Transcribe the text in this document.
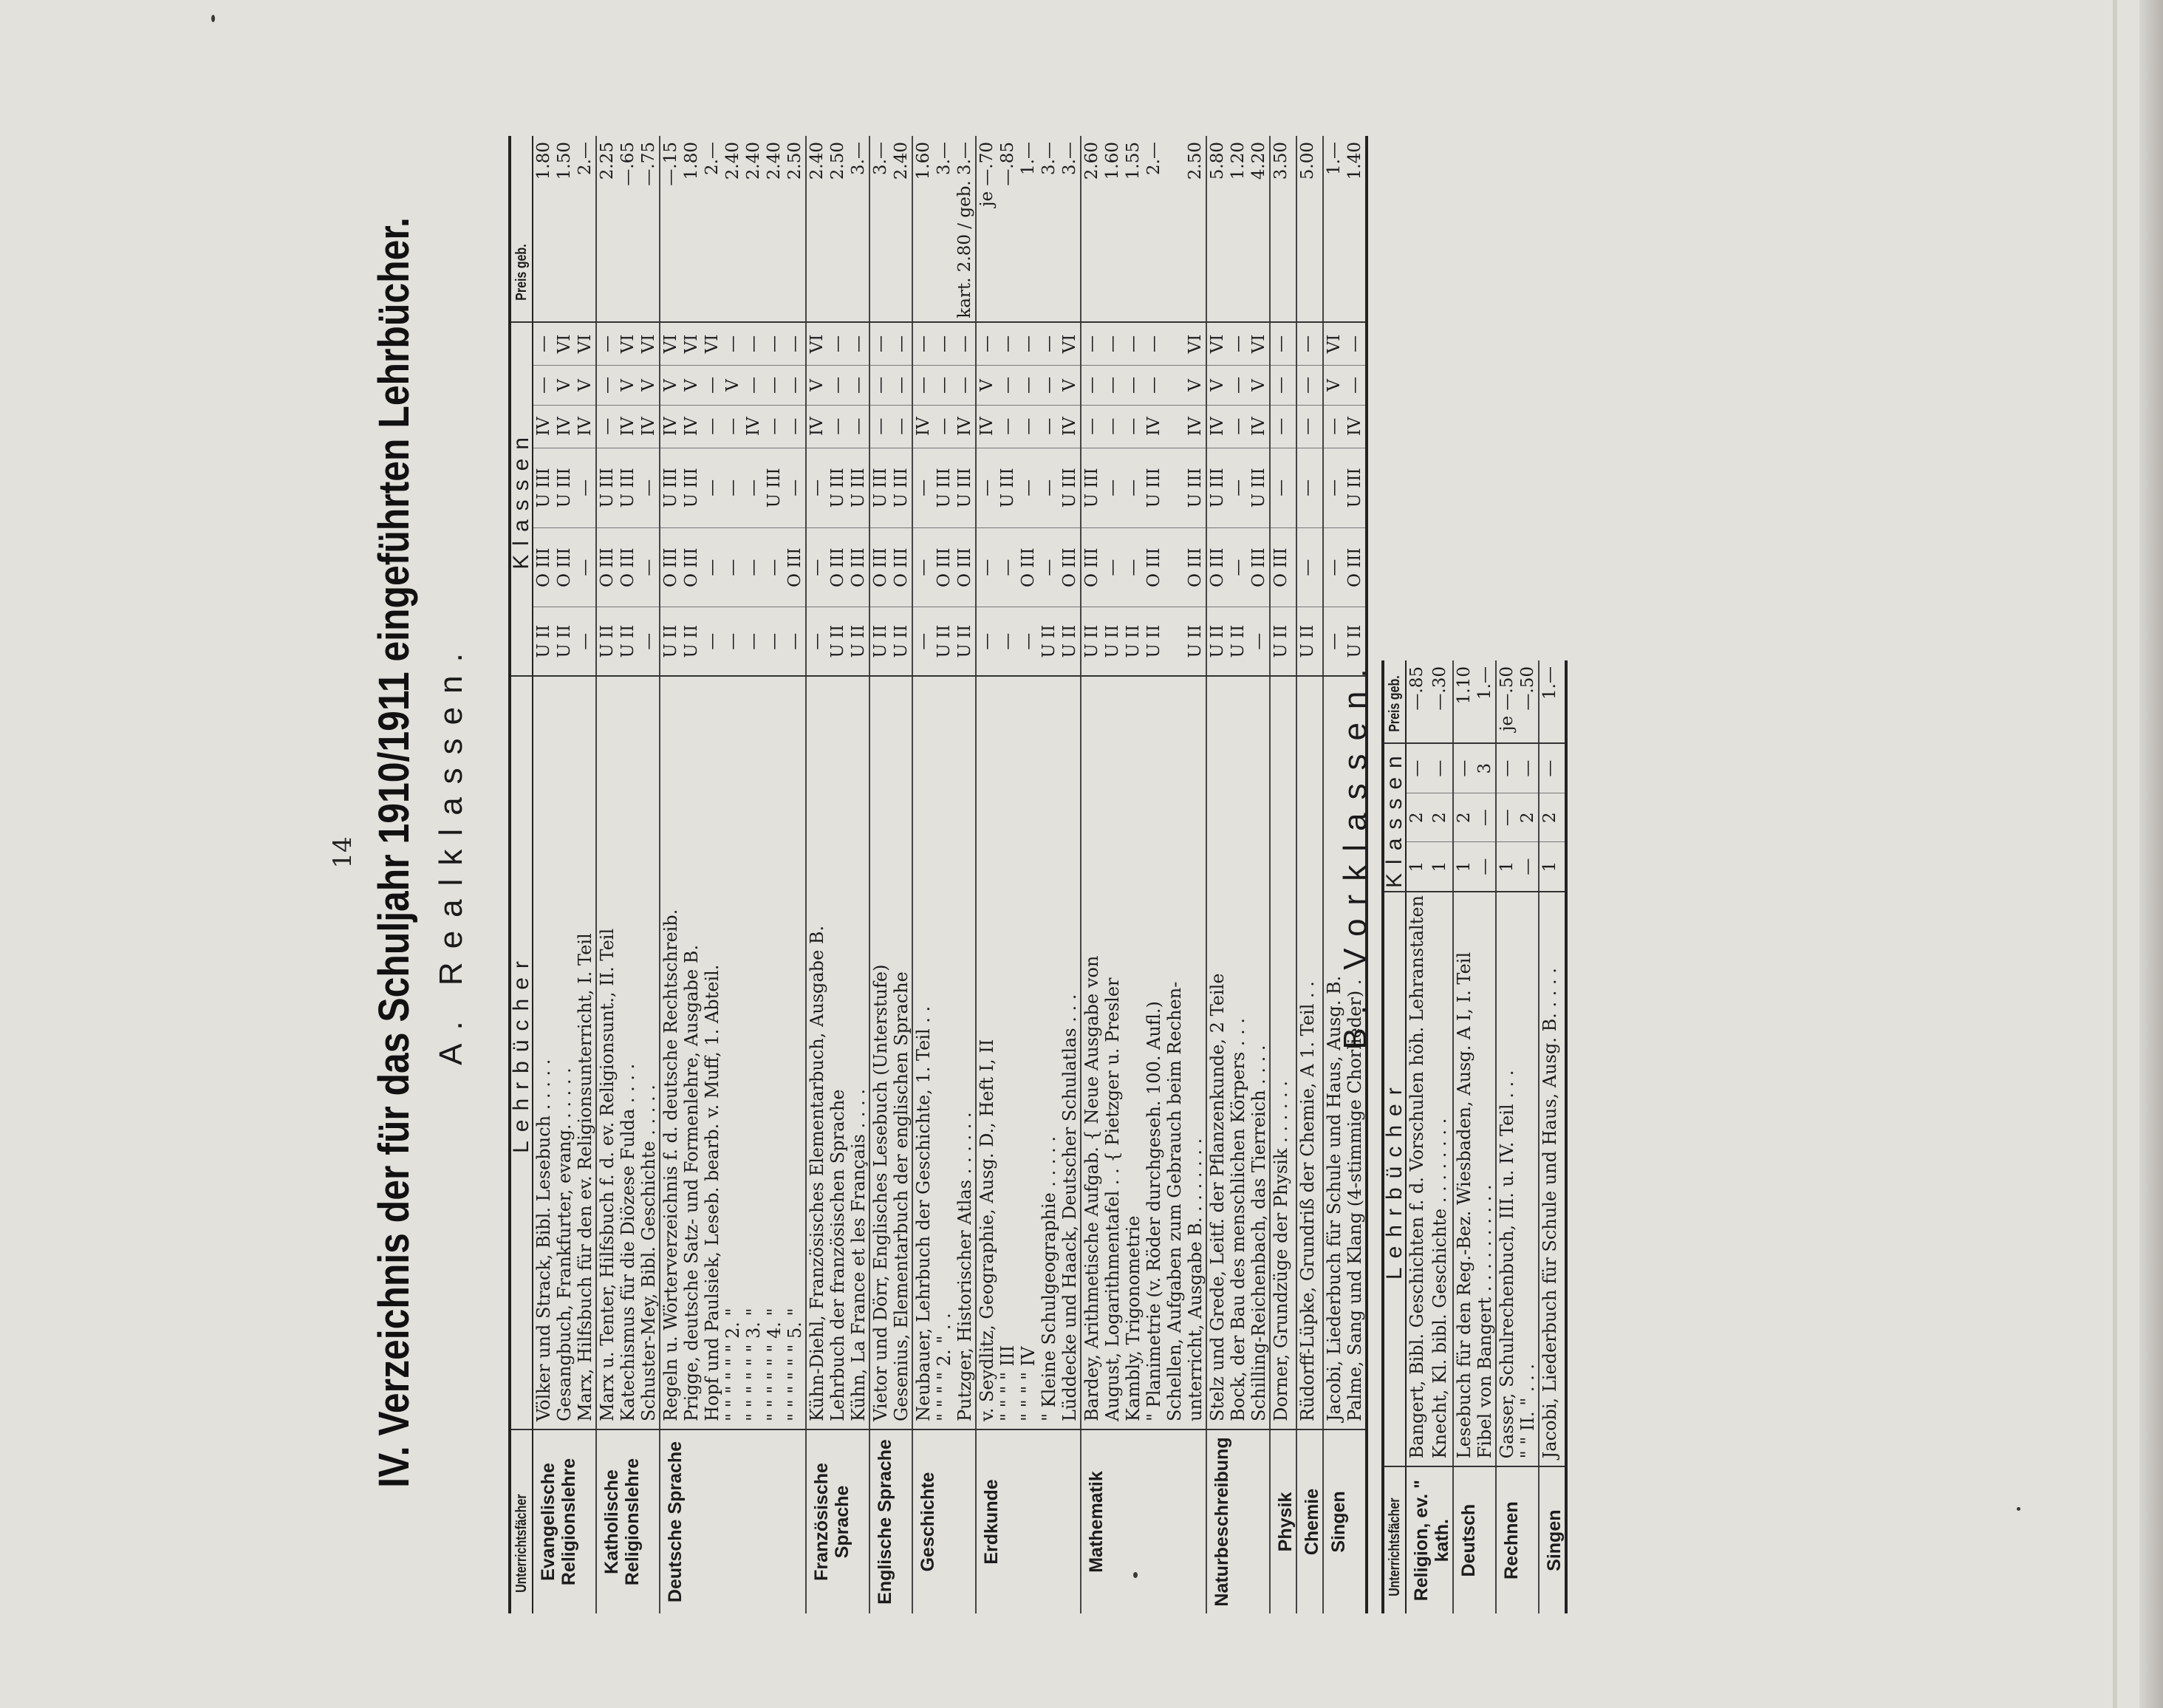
14 IV. Verzeichnis der für das Schuljahr 1910/1911 eingeführten Lehrbücher. A. Realklassen.
Unterrichtsfächer	Lehrbücher	Klassen						Preis geb.
Evangelische Religionslehre	Völker und Strack, Bibl. Lesebuch . . . . .	U II	O III	U III	IV	—	—	1.80
	Gesangbuch, Frankfurter, evang. . . . . .	U II	O III	U III	IV	V	VI	1.50
	Marx, Hilfsbuch für den ev. Religionsunterricht, I. Teil	—	—	—	IV	V	VI	2.—
Katholische Religionslehre	Marx u. Tenter, Hilfsbuch f. d. ev. Religionsunt., II. Teil	U II	O III	U III	—	—	—	2.25
	Katechismus für die Diözese Fulda . . . .	U II	O III	U III	IV	V	VI	—.65
	Schuster-Mey, Bibl. Geschichte . . . . .	—	—	—	IV	V	VI	—.75
Deutsche Sprache	Regeln u. Wörterverzeichnis f. d. deutsche Rechtschreib.	U II	O III	U III	IV	V	VI	—.15
	Prigge, deutsche Satz- und Formenlehre, Ausgabe B.	U II	O III	U III	IV	V	VI	1.80
	Hopf und Paulsiek, Leseb. bearb. v. Muff, 1. Abteil.	—	—	—	—	—	VI	2.—
	" " " " " " 2. "	—	—	—	—	V	—	2.40
	" " " " " " 3. "	—	—	—	IV	—	—	2.40
	" " " " " " 4. "	—	—	U III	—	—	—	2.40
	" " " " " " 5. "	—	O III	—	—	—	—	2.50
Französische Sprache	Kühn-Diehl, Französisches Elementarbuch, Ausgabe B.	—	—	—	IV	V	VI	2.40
	Lehrbuch der französischen Sprache	U II	O III	U III	—	—	—	2.50
	Kühn, La France et les Français . . . .	U II	O III	U III	—	—	—	3.—
Englische Sprache	Vietor und Dörr, Englisches Lesebuch (Unterstufe)	U II	O III	U III	—	—	—	3.—
	Gesenius, Elementarbuch der englischen Sprache	U II	O III	U III	—	—	—	2.40
Geschichte	Neubauer, Lehrbuch der Geschichte, 1. Teil . .	—	—	—	IV	—	—	1.60
	" " " " 2. " . .	U II	O III	U III	—	—	—	3.—
	Putzger, Historischer Atlas . . . . . .	U II	O III	U III	IV	—	—	kart. 2.80 / geb. 3.—
Erdkunde	v. Seydlitz, Geographie, Ausg. D., Heft I, II	—	—	—	IV	V	—	je —.70
	" " " " III	—	—	U III	—	—	—	—.85
	" " " " IV	—	O III	—	—	—	—	1.—
	" Kleine Schulgeographie . . . . .	U II	—	—	—	—	—	3.—
	Lüddecke und Haack, Deutscher Schulatlas . . .	U II	O III	U III	IV	V	VI	3.—
Mathematik	Bardey, Arithmetische Aufgab. { Neue Ausgabe von	U II	O III	U III	—	—	—	2.60
	August, Logarithmentafel . . { Pietzger u. Presler	U II	—	—	—	—	—	1.60
	Kambly, Trigonometrie	U II	—	—	—	—	—	1.55
	" Planimetrie (v. Röder durchgeseh. 100. Aufl.)	U II	O III	U III	IV	—	—	2.—
	Schellen, Aufgaben zum Gebrauch beim Rechen-							
	unterricht, Ausgabe B. . . . . . . .	U II	O III	U III	IV	V	VI	2.50
Naturbeschreibung	Stelz und Grede, Leitf. der Pflanzenkunde, 2 Teile	U II	O III	U III	IV	V	VI	5.80
	Bock, der Bau des menschlichen Körpers . . .	U II	—	—	—	—	—	1.20
	Schilling-Reichenbach, das Tierreich . . . .	—	O III	U III	IV	V	VI	4.20
Physik	Dorner, Grundzüge der Physik . . . . . .	U II	O III	—	—	—	—	3.50
Chemie	Rüdorff-Lüpke, Grundriß der Chemie, A 1. Teil . .	U II	—	—	—	—	—	5.00
Singen	Jacobi, Liederbuch für Schule und Haus, Ausg. B.	—	—	—	—	V	VI	1.—
	Palme, Sang und Klang (4-stimmige Chorlieder) .	U II	O III	U III	IV	—	—	1.40
B. Vorklassen.
Unterrichtsfächer	Lehrbücher	Klassen			Preis geb.
Religion, ev. " kath.	Bangert, Bibl. Geschichten f. d. Vorschulen höh. Lehranstalten	1	2	—	—.85
	Knecht, Kl. bibl. Geschichte . . . . . . . .	1	2	—	—.30
Deutsch	Lesebuch für den Reg.-Bez. Wiesbaden, Ausg. A I, I. Teil	1	2	—	1.10
	Fibel von Bangert . . . . . . . . . .	—	—	3	1.—
Rechnen	Gasser, Schulrechenbuch, III. u. IV. Teil . . .	1	—	—	je —.50
	" " II. " . . .	—	2	—	—.50
Singen	Jacobi, Liederbuch für Schule und Haus, Ausg. B. . . . .	1	2	—	1.—
